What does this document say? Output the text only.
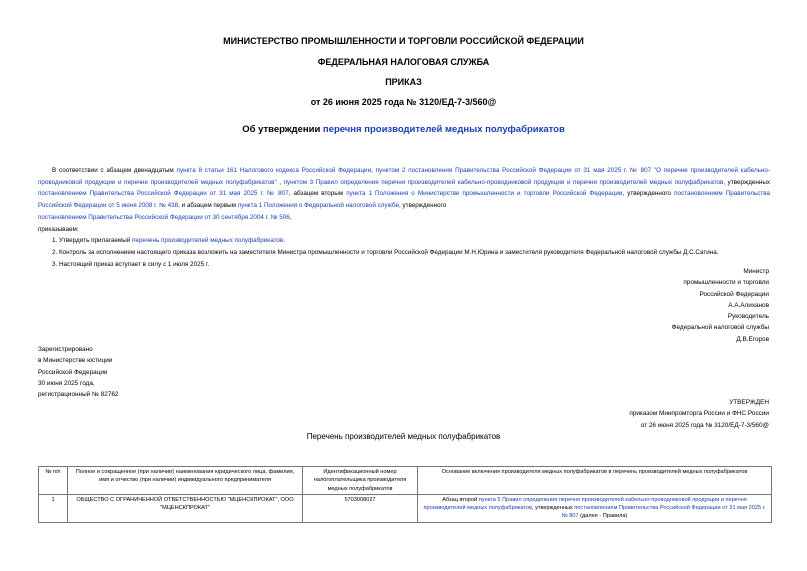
МИНИСТЕРСТВО ПРОМЫШЛЕННОСТИ И ТОРГОВЛИ РОССИЙСКОЙ ФЕДЕРАЦИИ
ФЕДЕРАЛЬНАЯ НАЛОГОВАЯ СЛУЖБА
ПРИКАЗ
от 26 июня 2025 года № 3120/ЕД-7-3/560@
Об утверждении перечня производителей медных полуфабрикатов

В соответствии с абзацем двенадцатым пункта 8 статьи 161 Налогового кодекса Российской Федерации, пунктом 2 постановления Правительства Российской Федерации от 31 мая 2025 г. № 807 "О перечне производителей кабельно-проводниковой продукции и перечне производителей медных полуфабрикатов" , пунктом 3 Правил определения перечня производителей кабельно-проводниковой продукции и перечня производителей медных полуфабрикатов, утвержденных постановлением Правительства Российской Федерации от 31 мая 2025 г. № 807, абзацем вторым пункта 1 Положения о Министерстве промышленности и торговли Российской Федерации, утвержденного постановлением Правительства Российской Федерации от 5 июня 2008 г. № 438, и абзацем первым пункта 1 Положения о Федеральной налоговой службе, утвержденного
постановлением Правительства Российской Федерации от 30 сентября 2004 г. № 506,

приказываем:

1. Утвердить прилагаемый перечень производителей медных полуфабрикатов.

2. Контроль за исполнением настоящего приказа возложить на заместителя Министра промышленности и торговли Российской Федерации М.Н.Юрина и заместителя руководителя Федеральной налоговой службы Д.С.Сатина.

3. Настоящий приказ вступает в силу с 1 июля 2025 г.

Министр
промышленности и торговли
Российской Федерации
А.А.Алиханов
Руководитель
Федеральной налоговой службы
Д.В.Егоров
Зарегистрировано
в Министерстве юстиции
Российской Федерации
30 июня 2025 года,
регистрационный № 82762
УТВЕРЖДЕН
приказом Минпромторга России и ФНС России
от 26 июня 2025 года № 3120/ЕД-7-3/560@
Перечень производителей медных полуфабрикатов
№ п/п	Полное и сокращенное (при наличии) наименования юридического лица, фамилия, имя и отчество (при наличии) индивидуального предпринимателя	Идентификационный номер налогоплательщика производителя медных полуфабрикатов	Основание включения производителя медных полуфабрикатов в перечень производителей медных полуфабрикатов
1	ОБЩЕСТВО С ОГРАНИЧЕННОЙ ОТВЕТСТВЕННОСТЬЮ "МЦЕНСКПРОКАТ", ООО "МЦЕНСКПРОКАТ"	5703008027	Абзац второй пункта 5 Правил определения перечня производителей кабельно-проводниковой продукции и перечня производителей медных полуфабрикатов, утвержденных постановлением Правительства Российской Федерации от 31 мая 2025 г. № 807 (далее - Правила)
